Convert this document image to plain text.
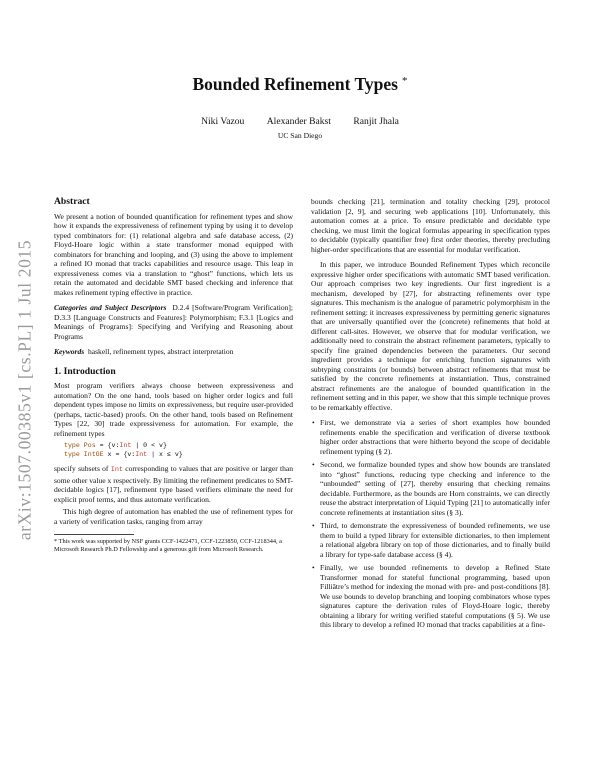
arXiv:1507.00385v1 [cs.PL] 1 Jul 2015
Bounded Refinement Types *
Niki Vazou Alexander Bakst Ranjit Jhala
UC San Diego
Abstract

We present a notion of bounded quantification for refinement types and show how it expands the expressiveness of refinement typing by using it to develop typed combinators for: (1) relational algebra and safe database access, (2) Floyd-Hoare logic within a state transformer monad equipped with combinators for branching and looping, and (3) using the above to implement a refined IO monad that tracks capabilities and resource usage. This leap in expressiveness comes via a translation to “ghost” functions, which lets us retain the automated and decidable SMT based checking and inference that makes refinement typing effective in practice.

Categories and Subject Descriptors D.2.4 [Software/Program Verification]; D.3.3 [Language Constructs and Features]: Polymorphism; F.3.1 [Logics and Meanings of Programs]: Specifying and Verifying and Reasoning about Programs

Keywords haskell, refinement types, abstract interpretation

1. Introduction

Most program verifiers always choose between expressiveness and automation? On the one hand, tools based on higher order logics and full dependent types impose no limits on expressiveness, but require user-provided (perhaps, tactic-based) proofs. On the other hand, tools based on Refinement Types [22, 30] trade expressiveness for automation. For example, the refinement types

type Pos = {v:Int | 0 < v}
type IntGE x = {v:Int | x ≤ v}

specify subsets of Int corresponding to values that are positive or larger than some other value x respectively. By limiting the refinement predicates to SMT-decidable logics [17], refinement type based verifiers eliminate the need for explicit proof terms, and thus automate verification.

This high degree of automation has enabled the use of refinement types for a variety of verification tasks, ranging from array

* This work was supported by NSF grants CCF-1422471, CCF-1223850, CCF-1218344, a Microsoft Research Ph.D Fellowship and a generous gift from Microsoft Research.

bounds checking [21], termination and totality checking [29], protocol validation [2, 9], and securing web applications [10]. Unfortunately, this automation comes at a price. To ensure predictable and decidable type checking, we must limit the logical formulas appearing in specification types to decidable (typically quantifier free) first order theories, thereby precluding higher-order specifications that are essential for modular verification.

In this paper, we introduce Bounded Refinement Types which reconcile expressive higher order specifications with automatic SMT based verification. Our approach comprises two key ingredients. Our first ingredient is a mechanism, developed by [27], for abstracting refinements over type signatures. This mechanism is the analogue of parametric polymorphism in the refinement setting: it increases expressiveness by permitting generic signatures that are universally quantified over the (concrete) refinements that hold at different call-sites. However, we observe that for modular verification, we additionally need to constrain the abstract refinement parameters, typically to specify fine grained dependencies between the parameters. Our second ingredient provides a technique for enriching function signatures with subtyping constraints (or bounds) between abstract refinements that must be satisfied by the concrete refinements at instantiation. Thus, constrained abstract refinements are the analogue of bounded quantification in the refinement setting and in this paper, we show that this simple technique proves to be remarkably effective.

• First, we demonstrate via a series of short examples how bounded refinements enable the specification and verification of diverse textbook higher order abstractions that were hitherto beyond the scope of decidable refinement typing (§ 2).
• Second, we formalize bounded types and show how bounds are translated into “ghost” functions, reducing type checking and inference to the “unbounded” setting of [27], thereby ensuring that checking remains decidable. Furthermore, as the bounds are Horn constraints, we can directly reuse the abstract interpretation of Liquid Typing [21] to automatically infer concrete refinements at instantiation sites (§ 3).
• Third, to demonstrate the expressiveness of bounded refinements, we use them to build a typed library for extensible dictionaries, to then implement a relational algebra library on top of those dictionaries, and to finally build a library for type-safe database access (§ 4).
• Finally, we use bounded refinements to develop a Refined State Transformer monad for stateful functional programming, based upon Filliâtre’s method for indexing the monad with pre- and post-conditions [8]. We use bounds to develop branching and looping combinators whose types signatures capture the derivation rules of Floyd-Hoare logic, thereby obtaining a library for writing verified stateful computations (§ 5). We use this library to develop a refined IO monad that tracks capabilities at a fine-
